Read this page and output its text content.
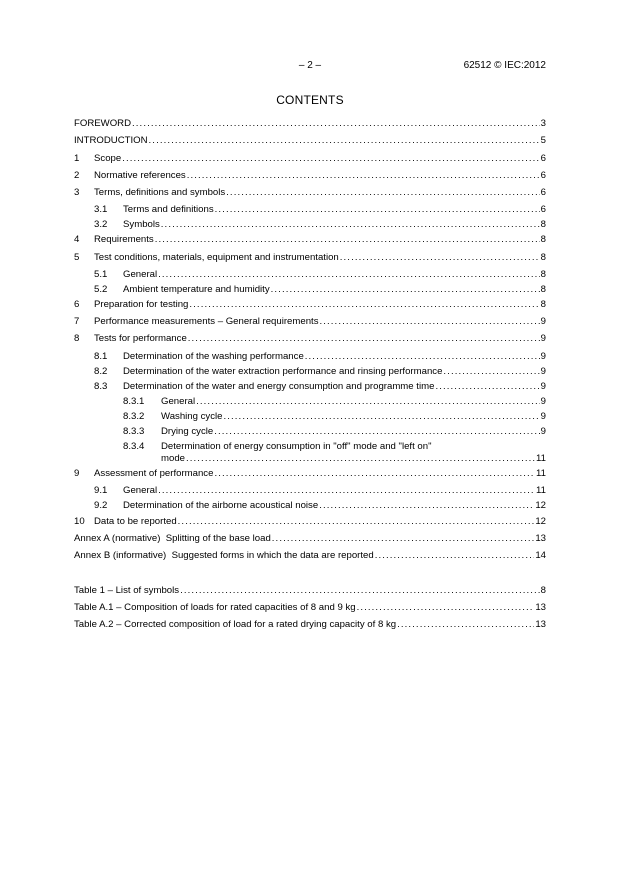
– 2 –	62512 © IEC:2012
CONTENTS
FOREWORD .....	3
INTRODUCTION .....	5
1	Scope .....	6
2	Normative references .....	6
3	Terms, definitions and symbols .....	6
3.1	Terms and definitions .....	6
3.2	Symbols .....	8
4	Requirements .....	8
5	Test conditions, materials, equipment and instrumentation .....	8
5.1	General .....	8
5.2	Ambient temperature and humidity .....	8
6	Preparation for testing .....	8
7	Performance measurements – General requirements .....	9
8	Tests for performance .....	9
8.1	Determination of the washing performance .....	9
8.2	Determination of the water extraction performance and rinsing performance .....	9
8.3	Determination of the water and energy consumption and programme time .....	9
8.3.1	General .....	9
8.3.2	Washing cycle .....	9
8.3.3	Drying cycle .....	9
8.3.4	Determination of energy consumption in "off" mode and "left on"
mode .....	11
9	Assessment of performance .....	11
9.1	General .....	11
9.2	Determination of the airborne acoustical noise .....	12
10 Data to be reported .....	12
Annex A (normative)  Splitting of the base load .....	13
Annex B (informative)  Suggested forms in which the data are reported .....	14
Table 1 – List of symbols .....	8
Table A.1 – Composition of loads for rated capacities of 8 and 9 kg .....	13
Table A.2 – Corrected composition of load for a rated drying capacity of 8 kg .....	13
